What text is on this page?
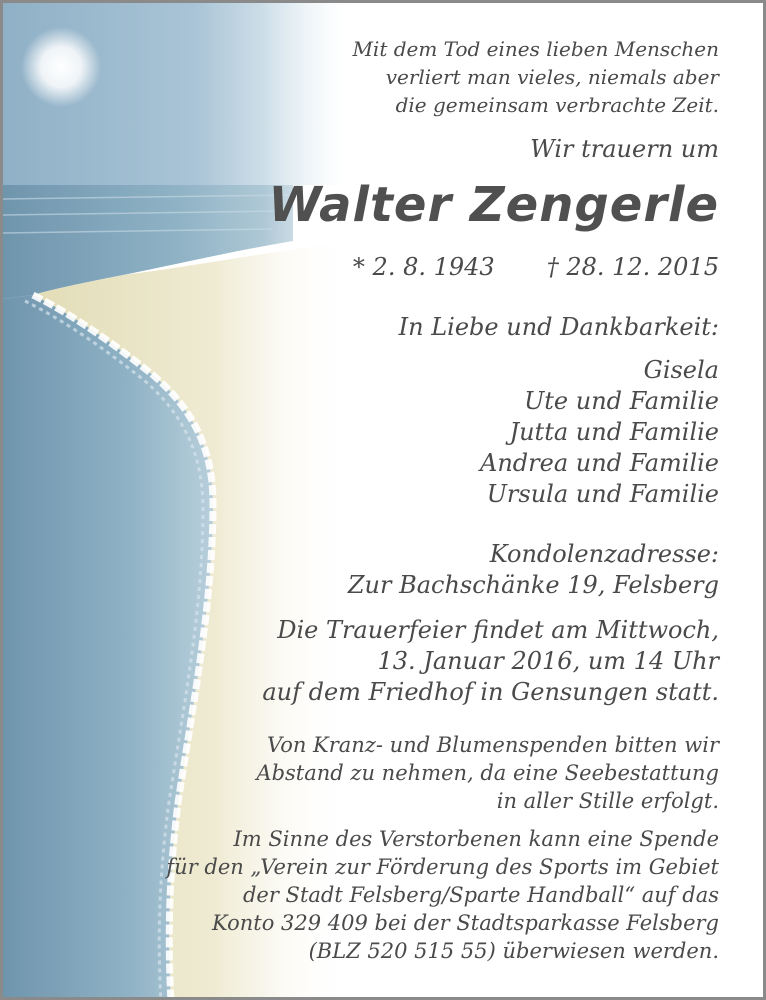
Mit dem Tod eines lieben Menschen
verliert man vieles, niemals aber
die gemeinsam verbrachte Zeit.

Wir trauern um

Walter Zengerle

* 2. 8. 1943 † 28. 12. 2015

In Liebe und Dankbarkeit:

Gisela
Ute und Familie
Jutta und Familie
Andrea und Familie
Ursula und Familie

Kondolenzadresse:
Zur Bachschänke 19, Felsberg

Die Trauerfeier findet am Mittwoch,
13. Januar 2016, um 14 Uhr
auf dem Friedhof in Gensungen statt.

Von Kranz- und Blumenspenden bitten wir
Abstand zu nehmen, da eine Seebestattung
in aller Stille erfolgt.

Im Sinne des Verstorbenen kann eine Spende
für den „Verein zur Förderung des Sports im Gebiet
der Stadt Felsberg/Sparte Handball“ auf das
Konto 329 409 bei der Stadtsparkasse Felsberg
(BLZ 520 515 55) überwiesen werden.
